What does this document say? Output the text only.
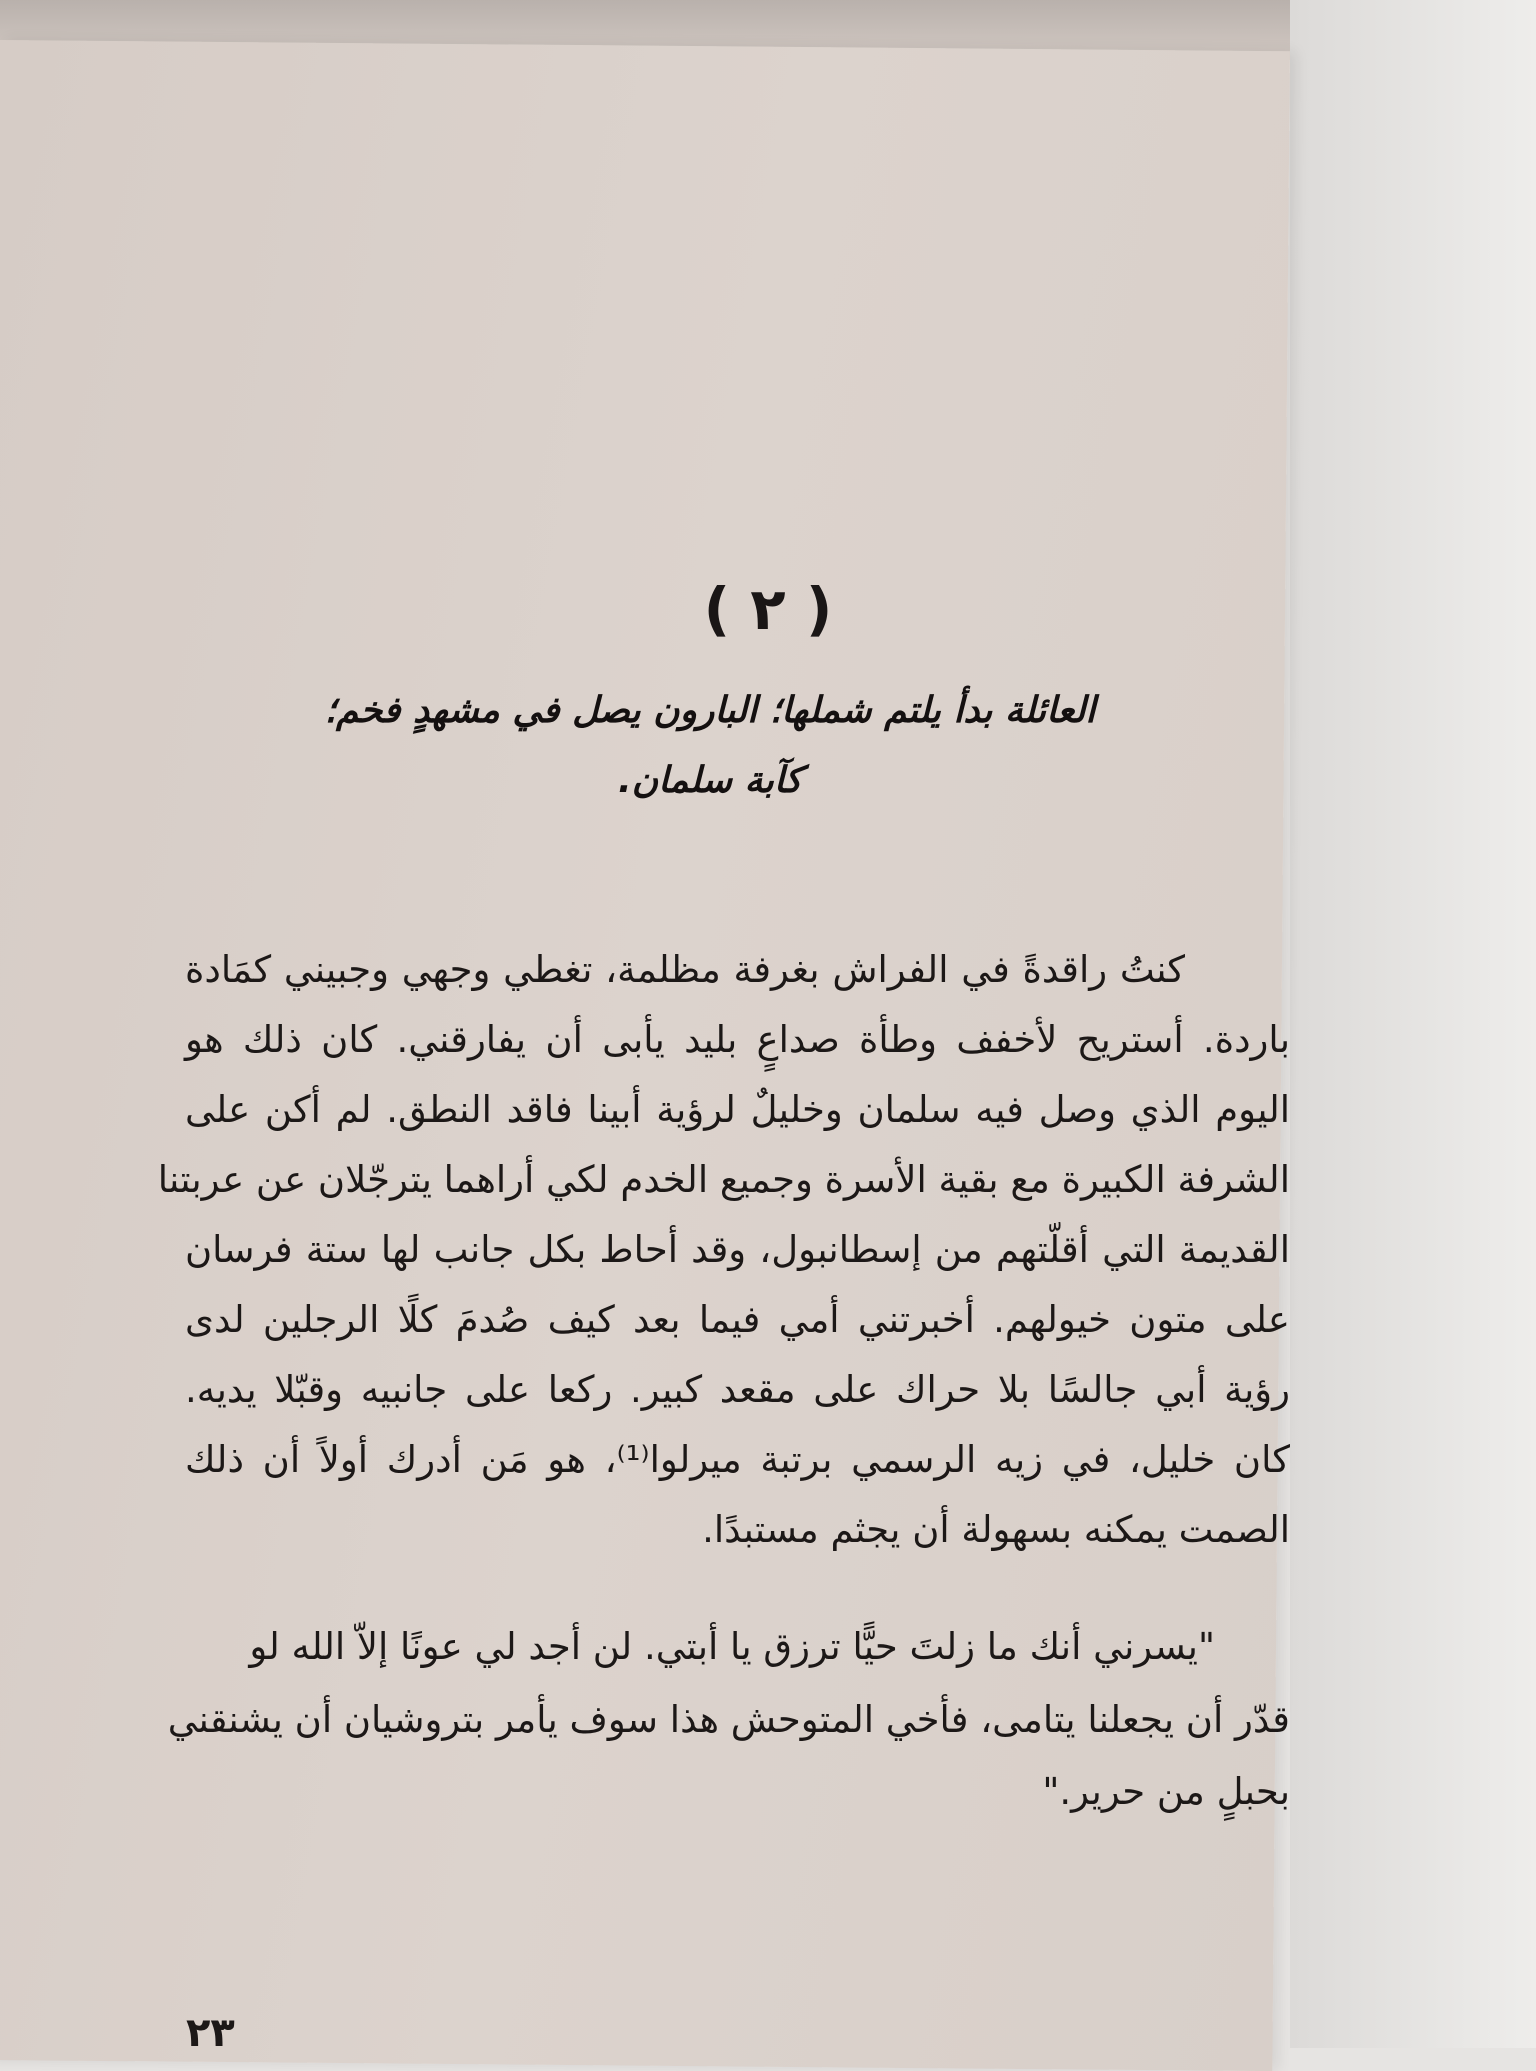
( ٢ )
العائلة بدأ يلتم شملها؛ البارون يصل في مشهدٍ فخم؛
كآبة سلمان.
كنتُ راقدةً في الفراش بغرفة مظلمة، تغطي وجهي وجبيني كمَادة
باردة. أستريح لأخفف وطأة صداعٍ بليد يأبى أن يفارقني. كان ذلك هو
اليوم الذي وصل فيه سلمان وخليلٌ لرؤية أبينا فاقد النطق. لم أكن على
الشرفة الكبيرة مع بقية الأسرة وجميع الخدم لكي أراهما يترجّلان عن عربتنا
القديمة التي أقلّتهم من إسطانبول، وقد أحاط بكل جانب لها ستة فرسان
على متون خيولهم. أخبرتني أمي فيما بعد كيف صُدمَ كلًا الرجلين لدى
رؤية أبي جالسًا بلا حراك على مقعد كبير. ركعا على جانبيه وقبّلا يديه.
كان خليل، في زيه الرسمي برتبة ميرلوا⁽¹⁾، هو مَن أدرك أولاً أن ذلك
الصمت يمكنه بسهولة أن يجثم مستبدًا.
"يسرني أنك ما زلتَ حيًّا ترزق يا أبتي. لن أجد لي عونًا إلاّ الله لو
قدّر أن يجعلنا يتامى، فأخي المتوحش هذا سوف يأمر بتروشيان أن يشنقني
بحبلٍ من حرير."
٢٣
